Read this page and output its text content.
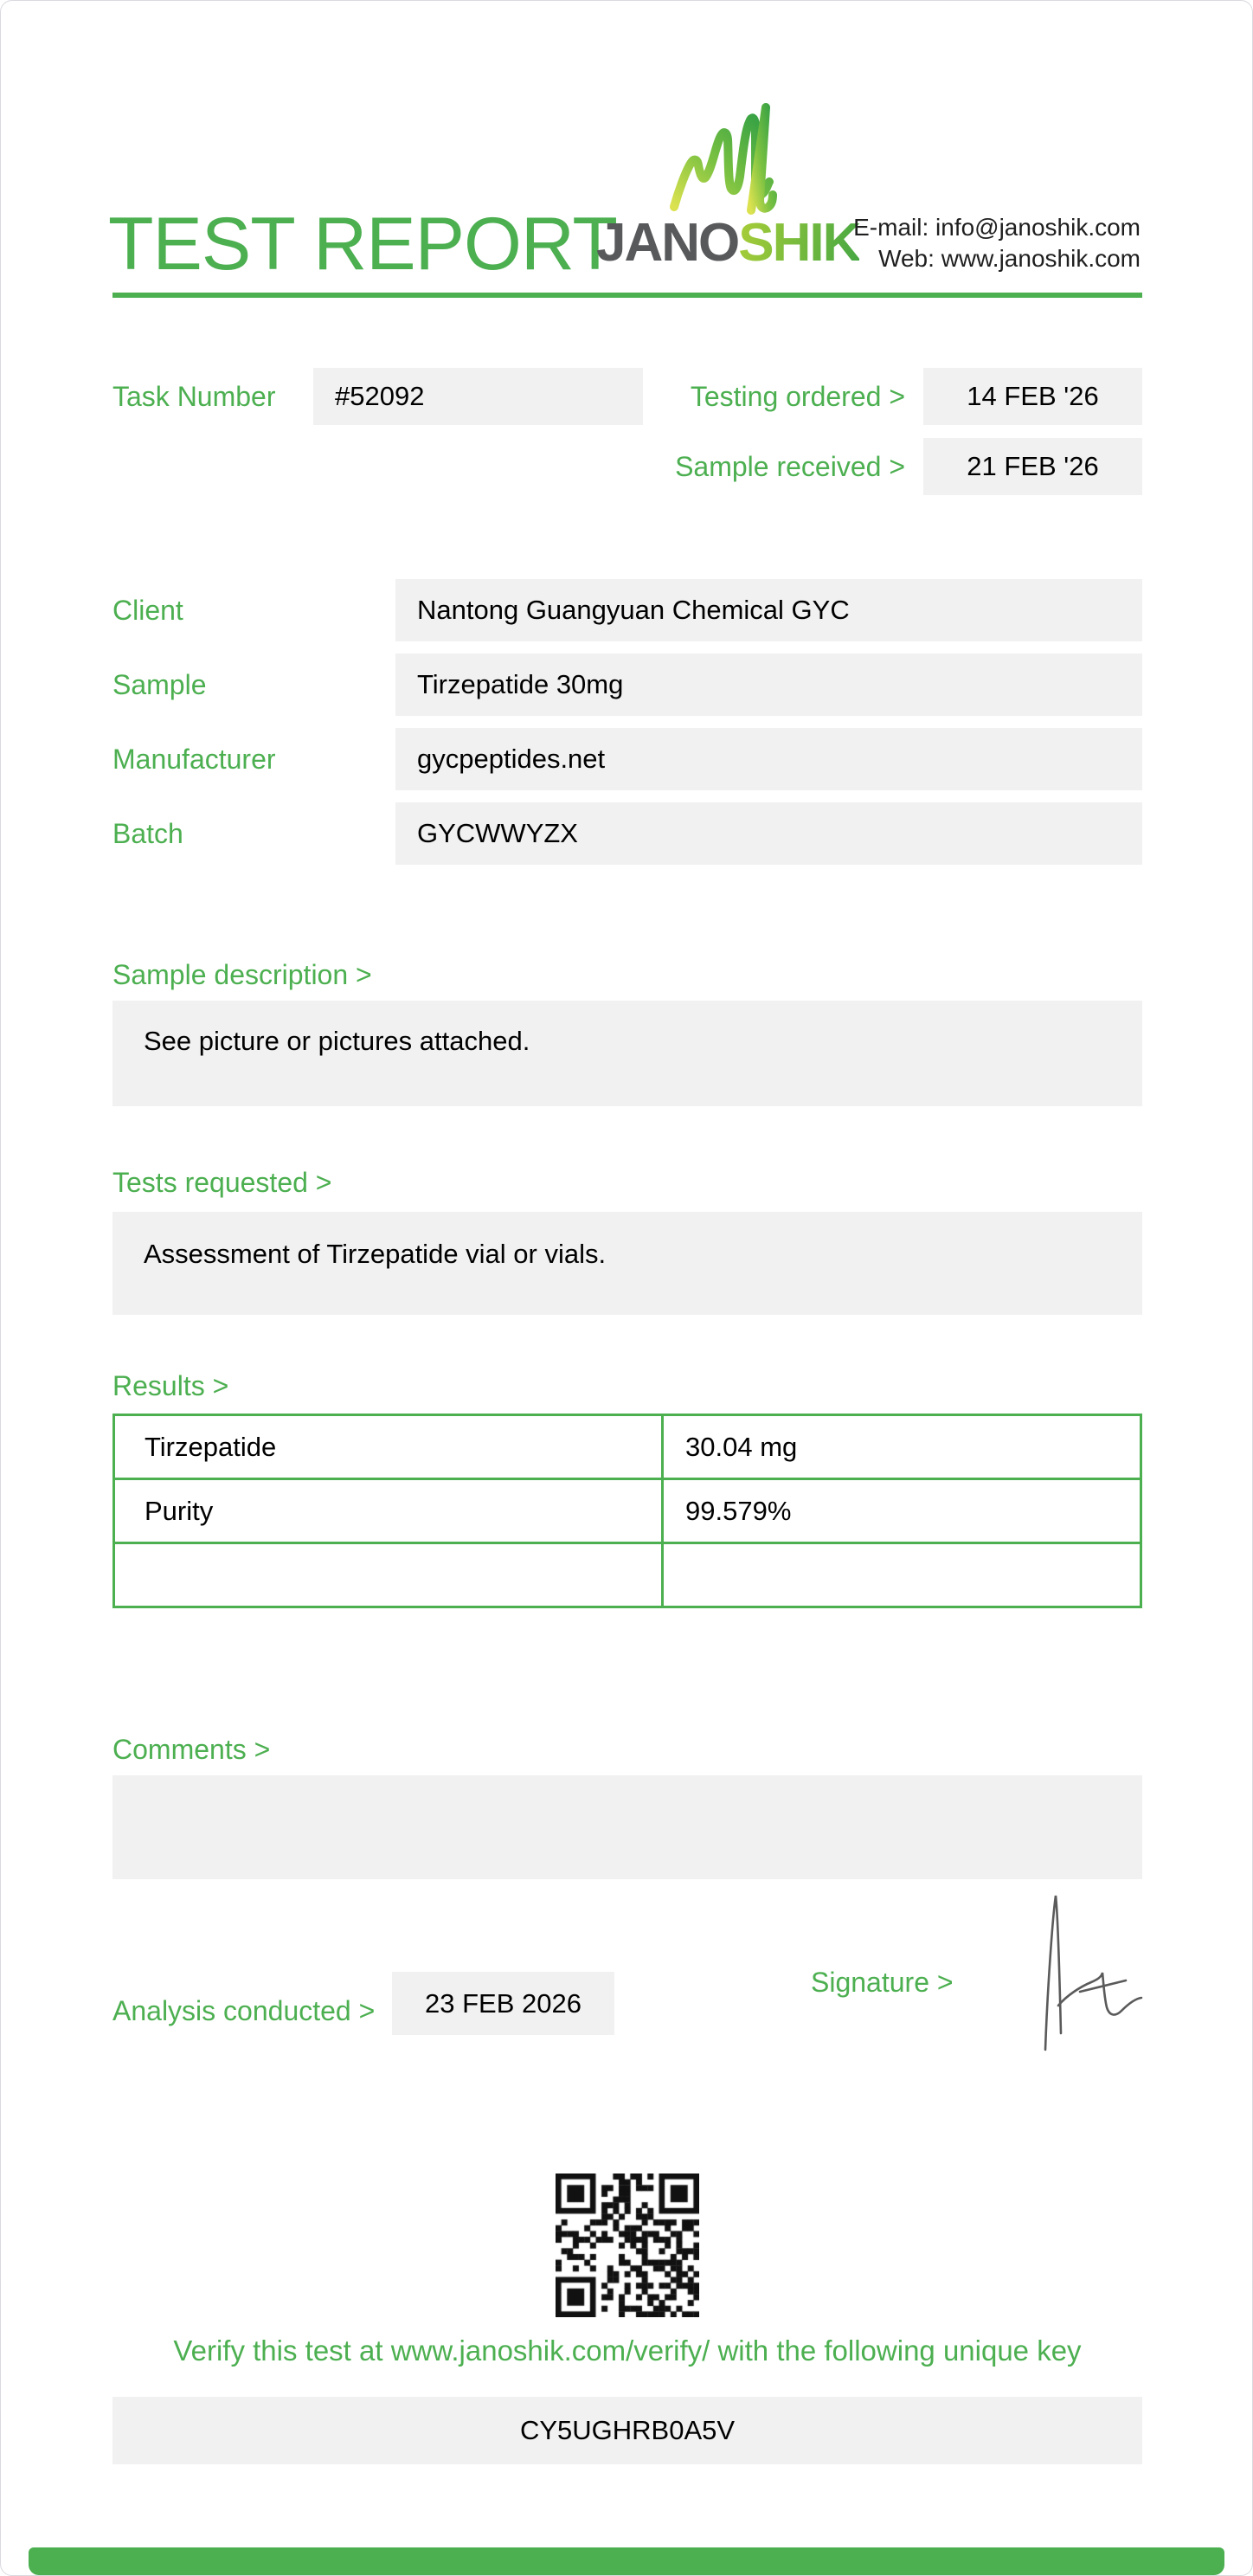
TEST REPORT
JANOSHIK
E-mail: info@janoshik.com
Web: www.janoshik.com
Task Number	#52092	Testing ordered > 14 FEB '26
Sample received > 21 FEB '26
Client	Nantong Guangyuan Chemical GYC
Sample	Tirzepatide 30mg
Manufacturer	gycpeptides.net
Batch	GYCWWYZX
Sample description >
See picture or pictures attached.
Tests requested >
Assessment of Tirzepatide vial or vials.
Results >
Tirzepatide	30.04 mg
Purity	99.579%

Comments >
Signature >
Analysis conducted > 23 FEB 2026
Verify this test at www.janoshik.com/verify/ with the following unique key
CY5UGHRB0A5V
